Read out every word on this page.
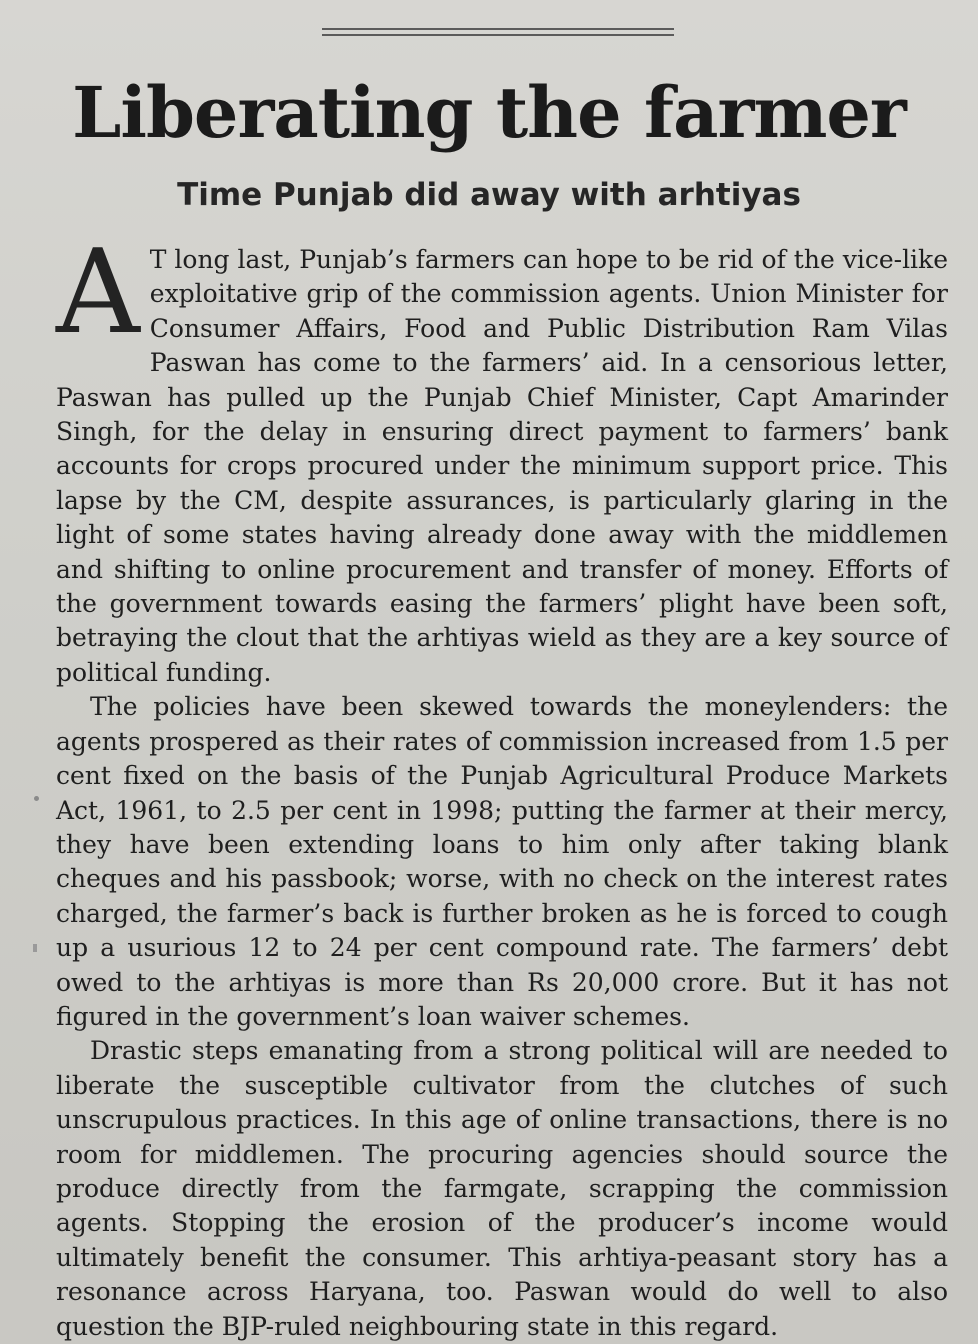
Liberating the farmer
Time Punjab did away with arhtiyas

A T long last, Punjab’s farmers can hope to be rid of the vice-like exploitative grip of the commission agents. Union Minister for Consumer Affairs, Food and Public Distribution Ram Vilas Paswan has come to the farmers’ aid. In a censorious letter, Paswan has pulled up the Punjab Chief Minister, Capt Amarinder Singh, for the delay in ensuring direct payment to farmers’ bank accounts for crops procured under the minimum support price. This lapse by the CM, despite assurances, is particularly glaring in the light of some states having already done away with the middlemen and shifting to online procurement and transfer of money. Efforts of the government towards easing the farmers’ plight have been soft, betraying the clout that the arhtiyas wield as they are a key source of political funding.

The policies have been skewed towards the moneylenders: the agents prospered as their rates of commission increased from 1.5 per cent fixed on the basis of the Punjab Agricultural Produce Markets Act, 1961, to 2.5 per cent in 1998; putting the farmer at their mercy, they have been extending loans to him only after taking blank cheques and his passbook; worse, with no check on the interest rates charged, the farmer’s back is further broken as he is forced to cough up a usurious 12 to 24 per cent compound rate. The farmers’ debt owed to the arhtiyas is more than Rs 20,000 crore. But it has not figured in the government’s loan waiver schemes.

Drastic steps emanating from a strong political will are needed to liberate the susceptible cultivator from the clutches of such unscrupulous practices. In this age of online transactions, there is no room for middlemen. The procuring agencies should source the produce directly from the farmgate, scrapping the commission agents. Stopping the erosion of the producer’s income would ultimately benefit the consumer. This arhtiya-peasant story has a resonance across Haryana, too. Paswan would do well to also question the BJP-ruled neighbouring state in this regard.
